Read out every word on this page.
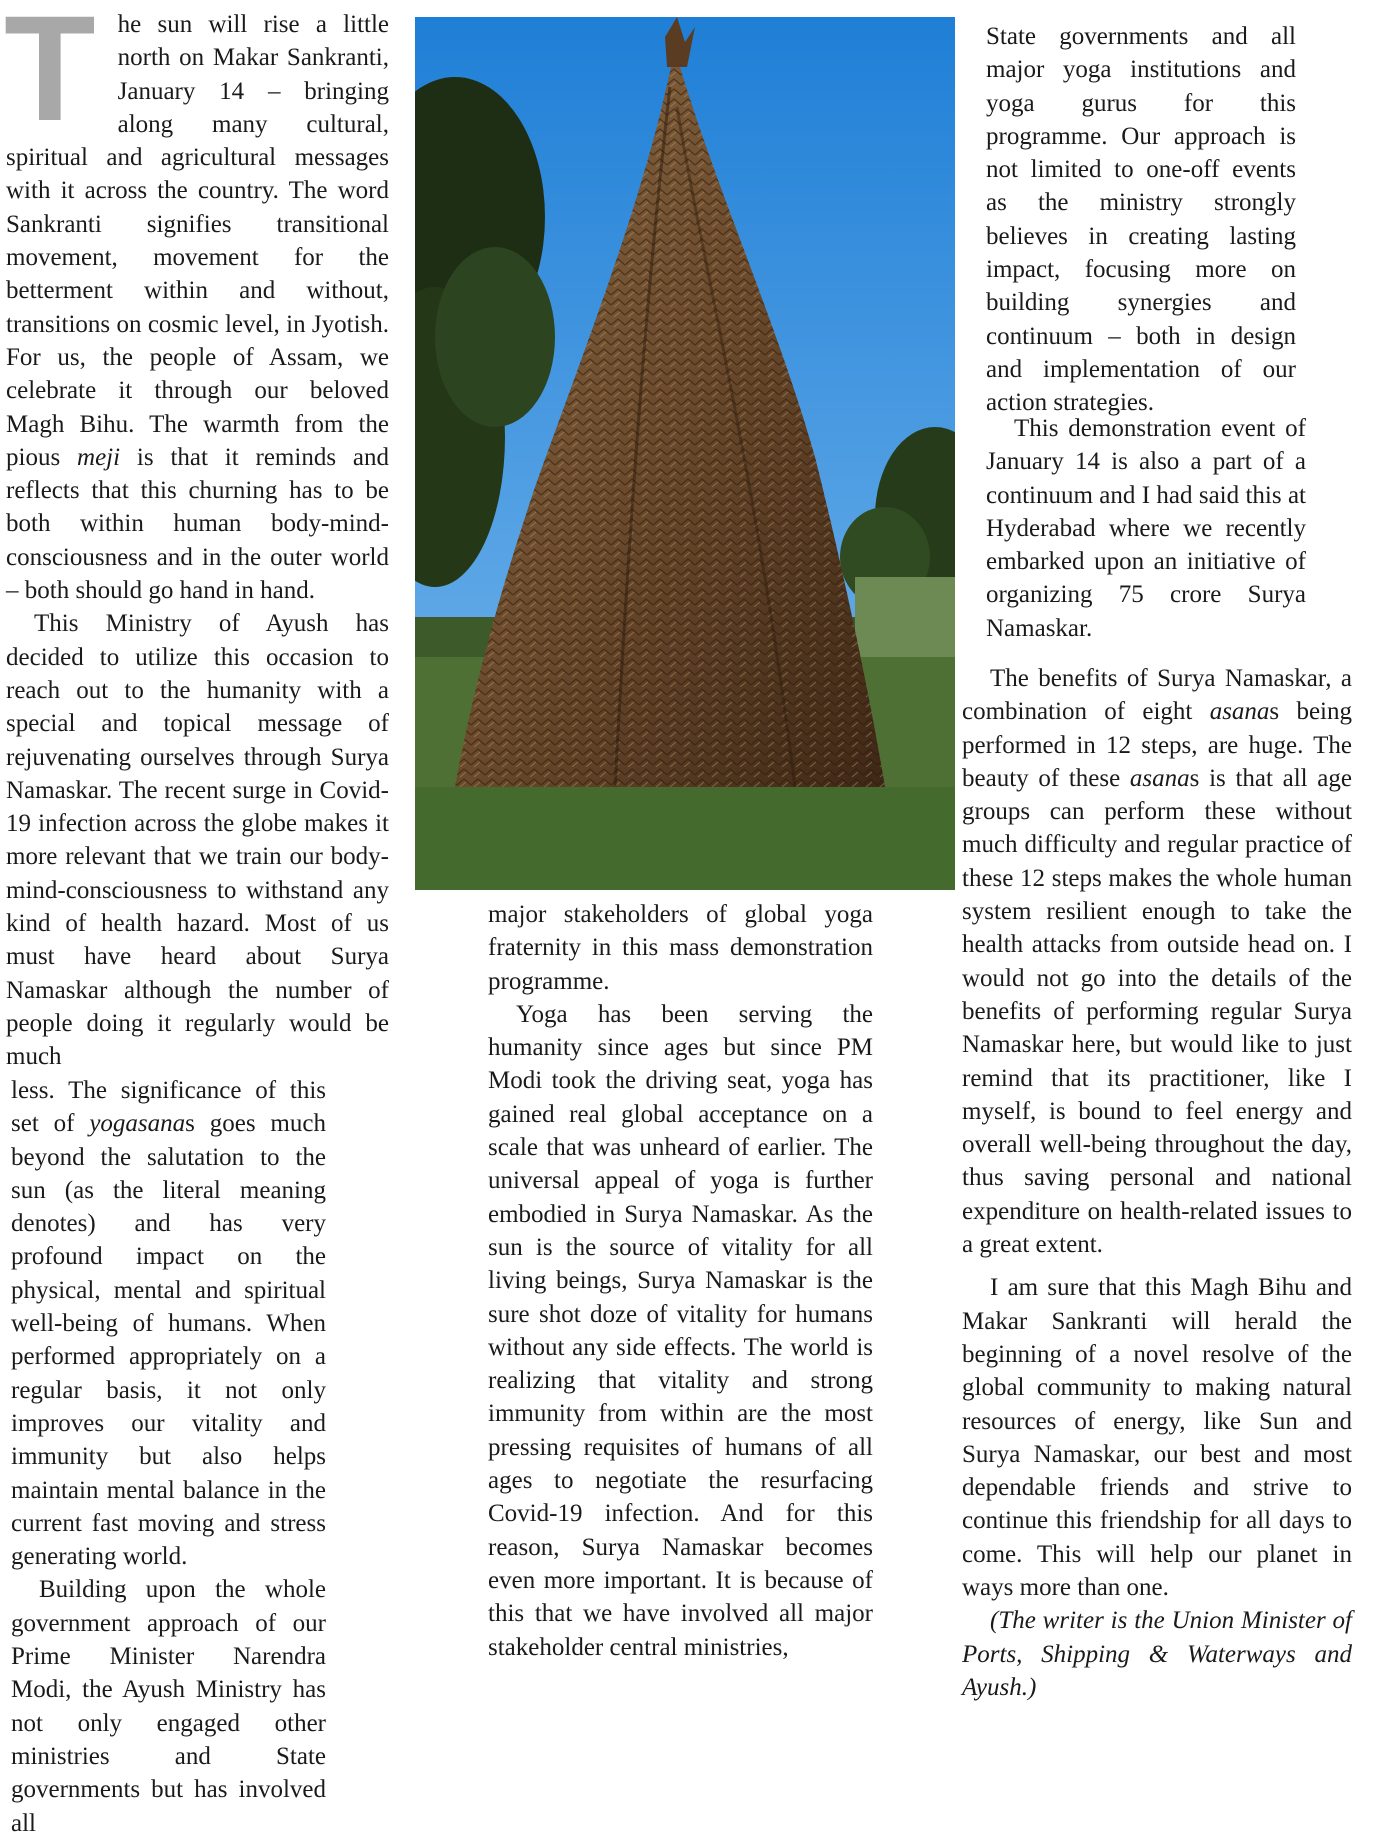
The sun will rise a little north on Makar Sankranti, January 14 – bringing along many cultural, spiritual and agricultural messages with it across the country. The word Sankranti signifies transitional movement, movement for the betterment within and without, transitions on cosmic level, in Jyotish. For us, the people of Assam, we celebrate it through our beloved Magh Bihu. The warmth from the pious meji is that it reminds and reflects that this churning has to be both within human body-mind-consciousness and in the outer world – both should go hand in hand.

This Ministry of Ayush has decided to utilize this occasion to reach out to the humanity with a special and topical message of rejuvenating ourselves through Surya Namaskar. The recent surge in Covid-19 infection across the globe makes it more relevant that we train our body-mind-consciousness to withstand any kind of health hazard. Most of us must have heard about Surya Namaskar although the number of people doing it regularly would be much

less. The significance of this set of yogasanas goes much beyond the salutation to the sun (as the literal meaning denotes) and has very profound impact on the physical, mental and spiritual well-being of humans. When performed appropriately on a regular basis, it not only improves our vitality and immunity but also helps maintain mental balance in the current fast moving and stress generating world.

Building upon the whole government approach of our Prime Minister Narendra Modi, the Ayush Ministry has not only engaged other ministries and State governments but has involved all

major stakeholders of global yoga fraternity in this mass demonstration programme.

Yoga has been serving the humanity since ages but since PM Modi took the driving seat, yoga has gained real global acceptance on a scale that was unheard of earlier. The universal appeal of yoga is further embodied in Surya Namaskar. As the sun is the source of vitality for all living beings, Surya Namaskar is the sure shot doze of vitality for humans without any side effects. The world is realizing that vitality and strong immunity from within are the most pressing requisites of humans of all ages to negotiate the resurfacing Covid-19 infection. And for this reason, Surya Namaskar becomes even more important. It is because of this that we have involved all major stakeholder central ministries,

State governments and all major yoga institutions and yoga gurus for this programme. Our approach is not limited to one-off events as the ministry strongly believes in creating lasting impact, focusing more on building synergies and continuum – both in design and implementation of our action strategies.

This demonstration event of January 14 is also a part of a continuum and I had said this at Hyderabad where we recently embarked upon an initiative of organizing 75 crore Surya Namaskar.

The benefits of Surya Namaskar, a combination of eight asanas being performed in 12 steps, are huge. The beauty of these asanas is that all age groups can perform these without much difficulty and regular practice of these 12 steps makes the whole human system resilient enough to take the health attacks from outside head on. I would not go into the details of the benefits of performing regular Surya Namaskar here, but would like to just remind that its practitioner, like I myself, is bound to feel energy and overall well-being throughout the day, thus saving personal and national expenditure on health-related issues to a great extent.

I am sure that this Magh Bihu and Makar Sankranti will herald the beginning of a novel resolve of the global community to making natural resources of energy, like Sun and Surya Namaskar, our best and most dependable friends and strive to continue this friendship for all days to come. This will help our planet in ways more than one.

(The writer is the Union Minister of Ports, Shipping & Waterways and Ayush.)
